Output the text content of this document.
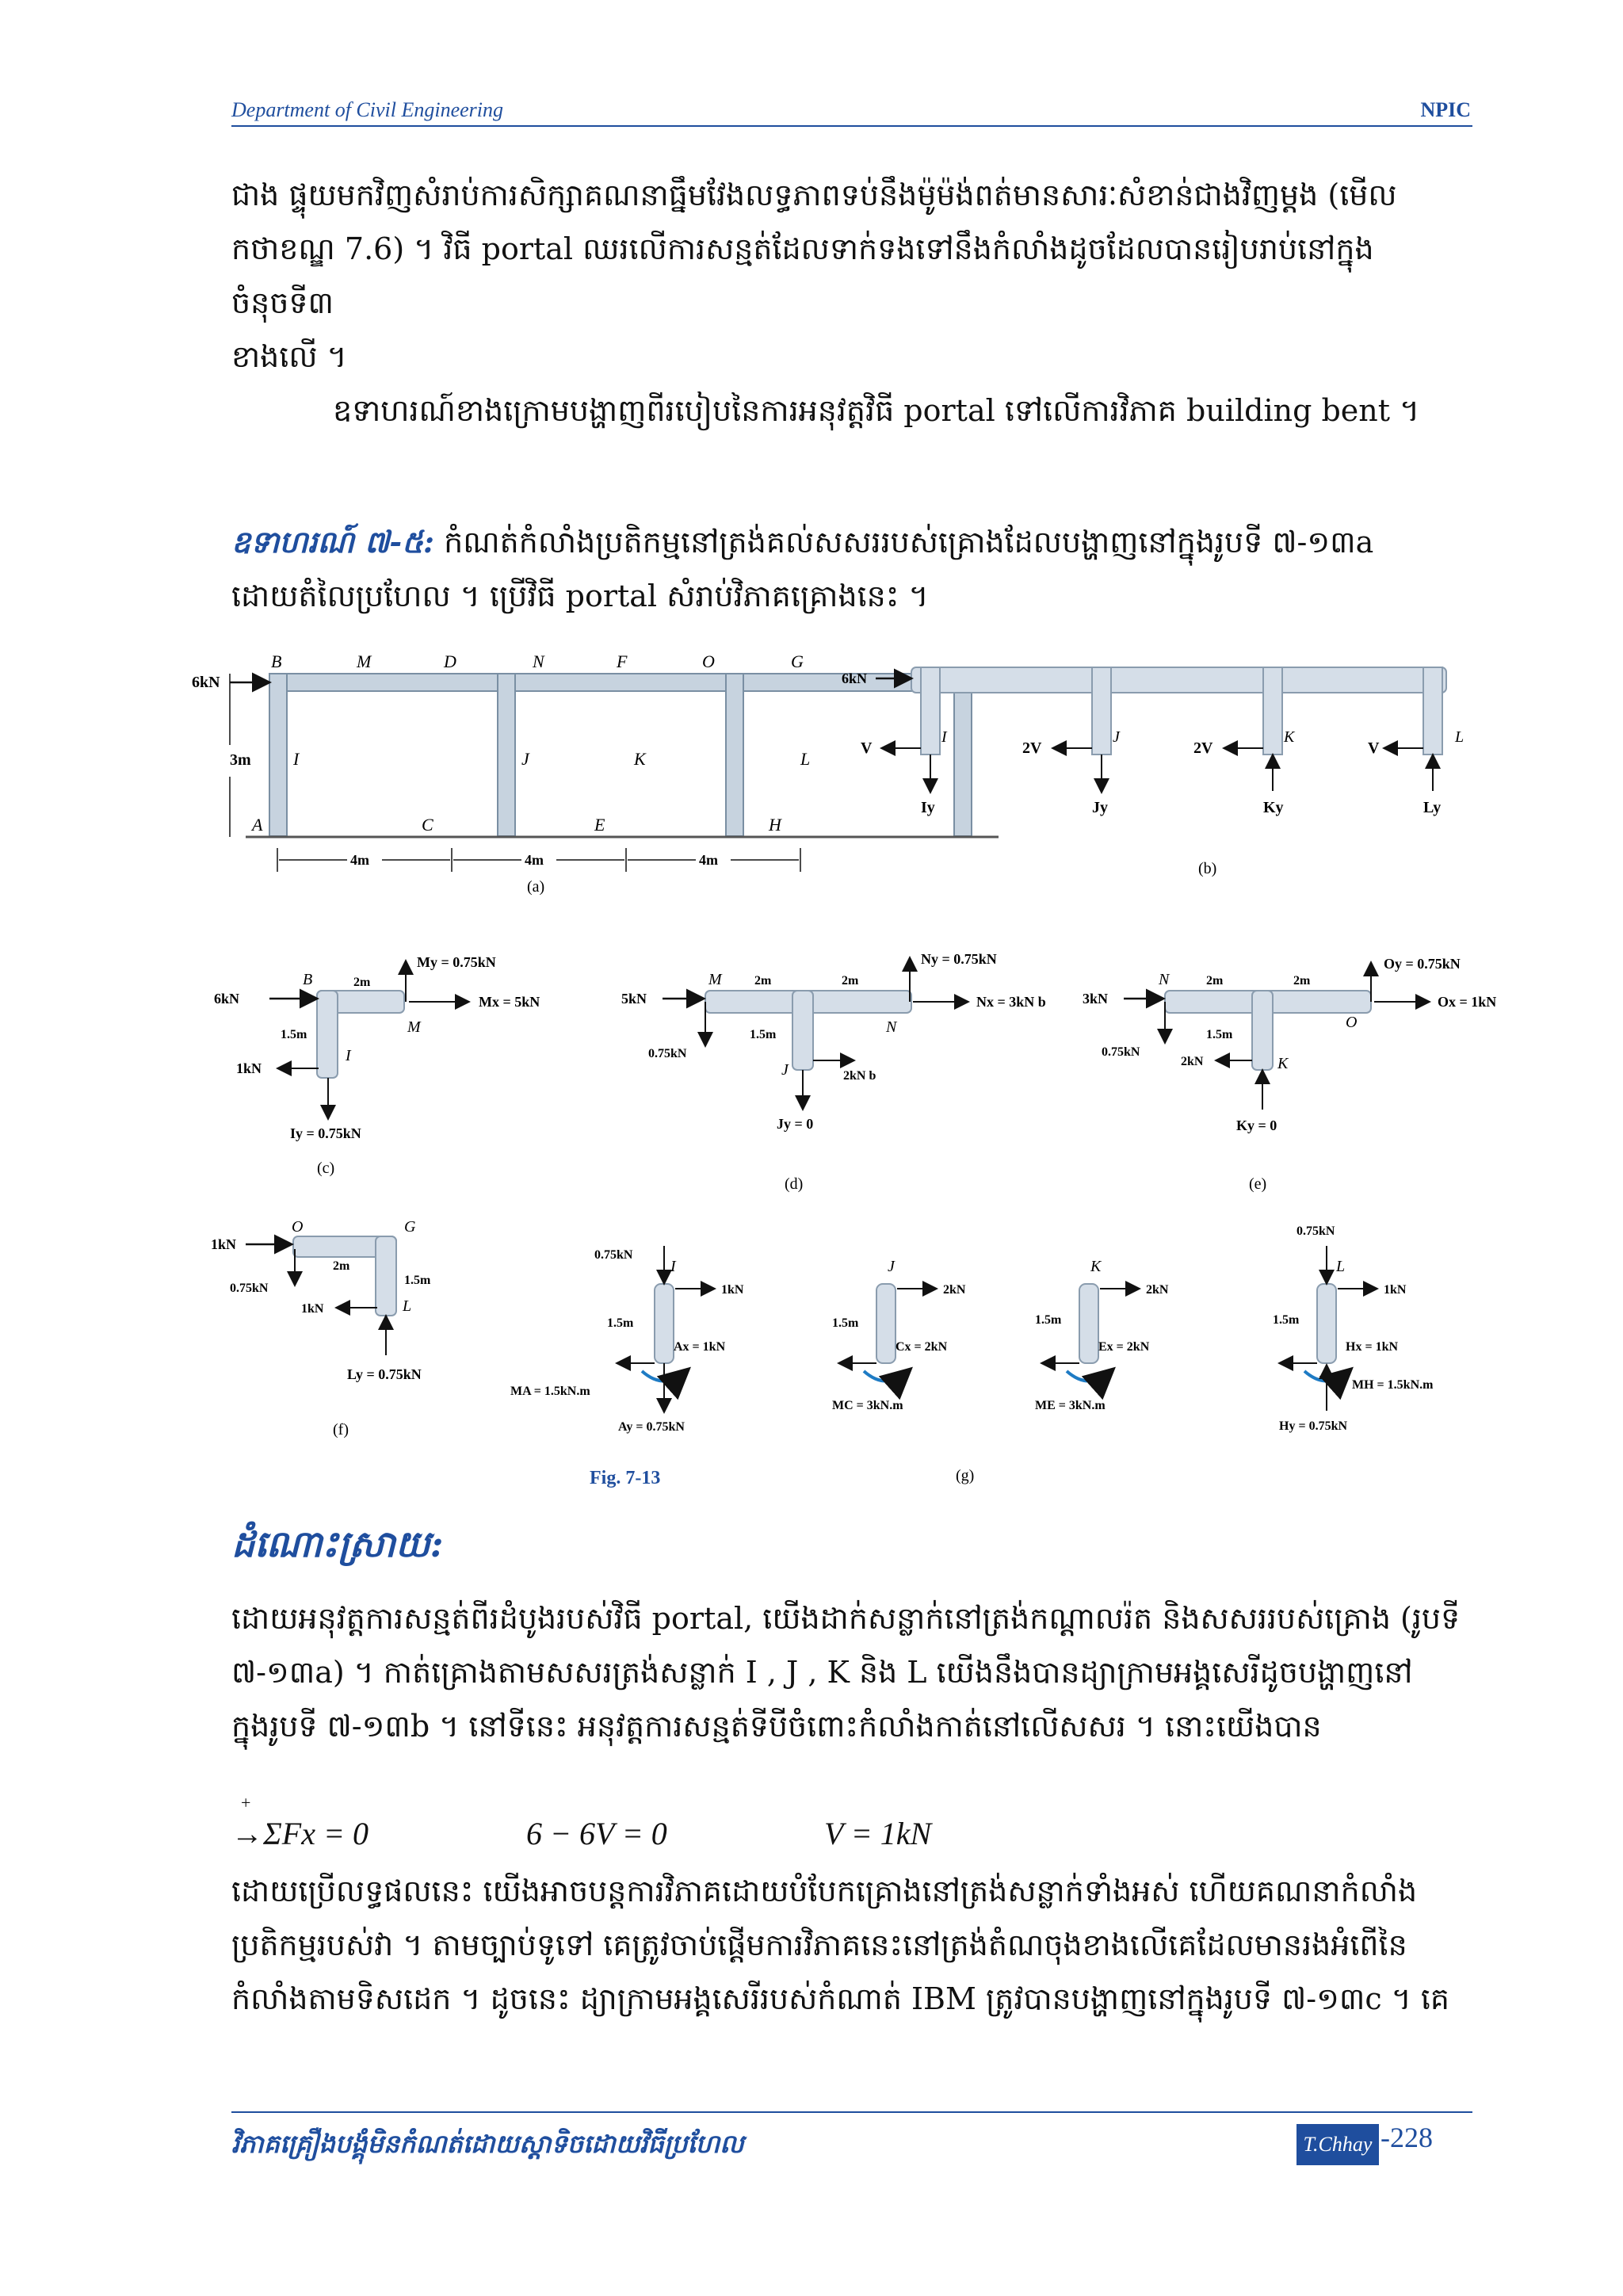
Department of Civil Engineering	NPIC

ជាង ផ្ទុយមកវិញសំរាប់ការសិក្សាគណនាធ្នឹមវែងលទ្ធភាពទប់នឹងម៉ូម៉ង់ពត់មានសារៈសំខាន់ជាងវិញម្តង (មើល

កថាខណ្ឌ 7.6) ។ វិធី portal ឈរលើការសន្មត់ដែលទាក់ទងទៅនឹងកំលាំងដូចដែលបានរៀបរាប់នៅក្នុងចំនុចទី៣

ខាងលើ ។

ឧទាហរណ៍ខាងក្រោមបង្ហាញពីរបៀបនៃការអនុវត្តវិធី portal ទៅលើការវិភាគ building bent ។

ឧទាហរណ៍ ៧-៥: កំណត់កំលាំងប្រតិកម្មនៅត្រង់គល់សសររបស់គ្រោងដែលបង្ហាញនៅក្នុងរូបទី ៧-១៣a

ដោយតំលៃប្រហែល ។ ប្រើវិធី portal សំរាប់វិភាគគ្រោងនេះ ។

6kN
3m
B	M	D	N	F	O	G
I	J	K	L
A	C	E	H
4m	4m	4m
(a)
6kN
I	J	K	L
V	2V	2V	V
Iy	Jy	Ky	Ly
(b)
6kN
B
M
I
2m
1.5m
My = 0.75kN
Mx = 5kN
1kN
Iy = 0.75kN
(c)
5kN
M
N
J
2m	2m
1.5m
0.75kN
Ny = 0.75kN
Nx = 3kN b
2kN b
Jy = 0
(d)
3kN
N
O
K
2m	2m
1.5m
0.75kN
Oy = 0.75kN
Ox = 1kN
2kN
Ky = 0
(e)
1kN
O	G
L
2m
1.5m
0.75kN
1kN
Ly = 0.75kN
(f)
0.75kN
I
1kN
1.5m
Ax = 1kN
MA = 1.5kN.m
Ay = 0.75kN
J
2kN
1.5m
Cx = 2kN
MC = 3kN.m
K
2kN
1.5m
Ex = 2kN
ME = 3kN.m
0.75kN
L
1kN
1.5m
Hx = 1kN
MH = 1.5kN.m
Hy = 0.75kN
(g)
Fig. 7-13
ដំណោះស្រាយ:

ដោយអនុវត្តការសន្មត់ពីរដំបូងរបស់វិធី portal, យើងដាក់សន្លាក់នៅត្រង់កណ្តាលរ៉ត និងសសររបស់គ្រោង (រូបទី

៧-១៣a) ។ កាត់គ្រោងតាមសសរត្រង់សន្លាក់ I , J , K និង L យើងនឹងបានដ្យាក្រាមអង្គសេរីដូចបង្ហាញនៅ

ក្នុងរូបទី ៧-១៣b ។ នៅទីនេះ អនុវត្តការសន្មត់ទីបីចំពោះកំលាំងកាត់នៅលើសសរ ។ នោះយើងបាន

+
→ΣFx = 0	6 − 6V = 0	V = 1kN

ដោយប្រើលទ្ធផលនេះ យើងអាចបន្តការវិភាគដោយបំបែកគ្រោងនៅត្រង់សន្លាក់ទាំងអស់ ហើយគណនាកំលាំង

ប្រតិកម្មរបស់វា ។ តាមច្បាប់ទូទៅ គេត្រូវចាប់ផ្តើមការវិភាគនេះនៅត្រង់តំណចុងខាងលើគេដែលមានរងអំពើនៃ

កំលាំងតាមទិសដេក ។ ដូចនេះ ដ្យាក្រាមអង្គសេរីរបស់កំណាត់ IBM ត្រូវបានបង្ហាញនៅក្នុងរូបទី ៧-១៣c ។ គេ

វិភាគគ្រឿងបង្គុំមិនកំណត់ដោយស្តាទិចដោយវិធីប្រហែល	T.Chhay -228
